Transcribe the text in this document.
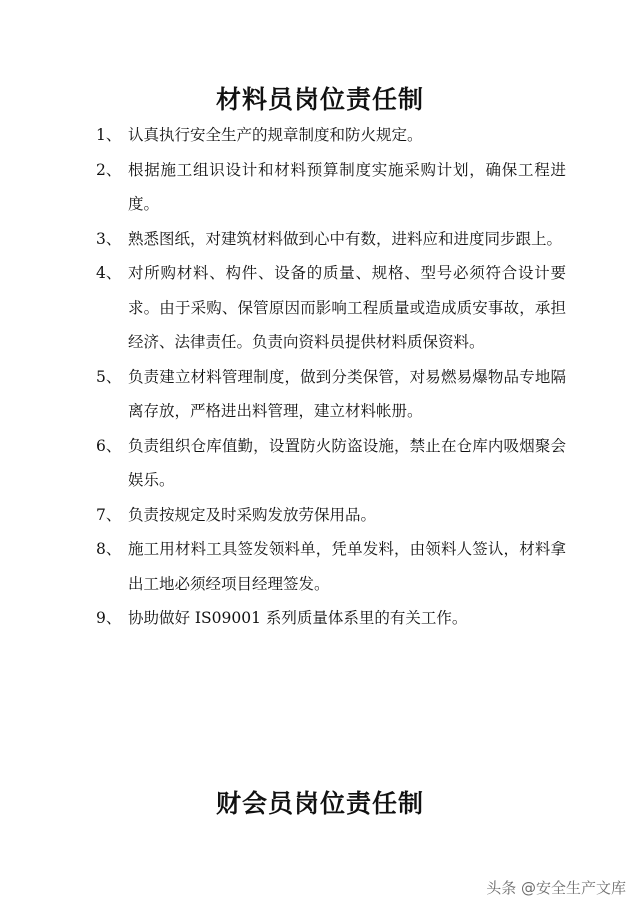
材料员岗位责任制
1、 认真执行安全生产的规章制度和防火规定。
2、 根据施工组识设计和材料预算制度实施采购计划，确保工程进度。
3、 熟悉图纸，对建筑材料做到心中有数，进料应和进度同步跟上。
4、 对所购材料、构件、设备的质量、规格、型号必须符合设计要求。由于采购、保管原因而影响工程质量或造成质安事故，承担经济、法律责任。负责向资料员提供材料质保资料。
5、 负责建立材料管理制度，做到分类保管，对易燃易爆物品专地隔离存放，严格进出料管理，建立材料帐册。
6、 负责组织仓库值勤，设置防火防盗设施，禁止在仓库内吸烟聚会娱乐。
7、 负责按规定及时采购发放劳保用品。
8、 施工用材料工具签发领料单，凭单发料，由领料人签认，材料拿出工地必须经项目经理签发。
9、 协助做好 IS09001 系列质量体系里的有关工作。
财会员岗位责任制
头条 @安全生产文库
